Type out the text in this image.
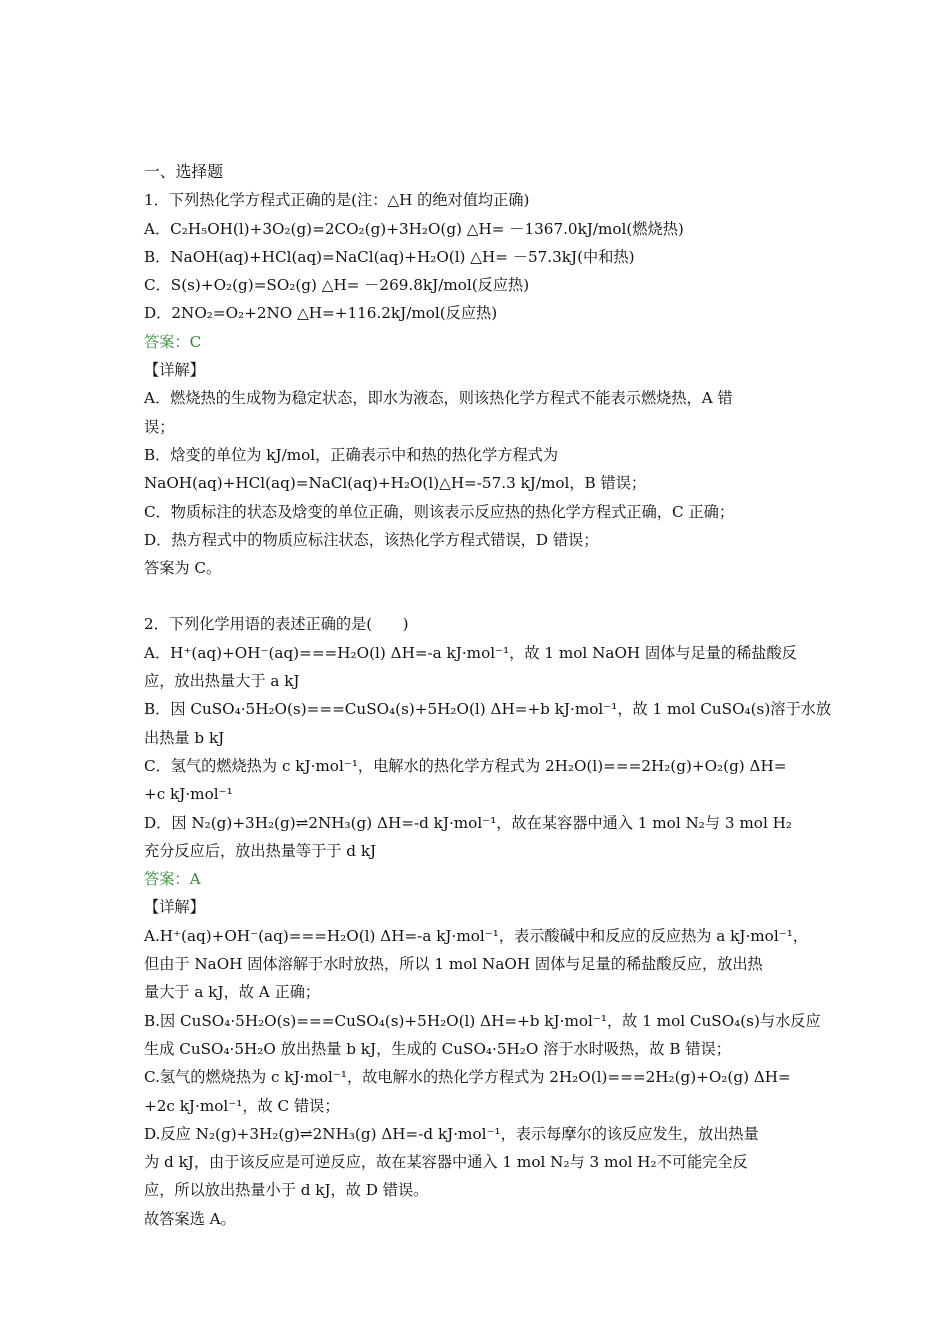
一、选择题
1．下列热化学方程式正确的是(注：△H 的绝对值均正确)
A．C₂H₅OH(l)+3O₂(g)=2CO₂(g)+3H₂O(g) △H= －1367.0kJ/mol(燃烧热)
B．NaOH(aq)+HCl(aq)=NaCl(aq)+H₂O(l) △H= －57.3kJ(中和热)
C．S(s)+O₂(g)=SO₂(g) △H= －269.8kJ/mol(反应热)
D．2NO₂=O₂+2NO △H=+116.2kJ/mol(反应热)
答案：C
【详解】
A．燃烧热的生成物为稳定状态，即水为液态，则该热化学方程式不能表示燃烧热，A 错
误；
B．焓变的单位为 kJ/mol，正确表示中和热的热化学方程式为
NaOH(aq)+HCl(aq)=NaCl(aq)+H₂O(l)△H=-57.3 kJ/mol，B 错误；
C．物质标注的状态及焓变的单位正确，则该表示反应热的热化学方程式正确，C 正确；
D．热方程式中的物质应标注状态，该热化学方程式错误，D 错误；
答案为 C。
2．下列化学用语的表述正确的是(　　)
A．H⁺(aq)+OH⁻(aq)===H₂O(l) ΔH=-a kJ·mol⁻¹，故 1 mol NaOH 固体与足量的稀盐酸反
应，放出热量大于 a kJ
B．因 CuSO₄·5H₂O(s)===CuSO₄(s)+5H₂O(l) ΔH=+b kJ·mol⁻¹，故 1 mol CuSO₄(s)溶于水放
出热量 b kJ
C．氢气的燃烧热为 c kJ·mol⁻¹，电解水的热化学方程式为 2H₂O(l)===2H₂(g)+O₂(g) ΔH=
+c kJ·mol⁻¹
D．因 N₂(g)+3H₂(g)⇌2NH₃(g) ΔH=-d kJ·mol⁻¹，故在某容器中通入 1 mol N₂与 3 mol H₂
充分反应后，放出热量等于于 d kJ
答案：A
【详解】
A.H⁺(aq)+OH⁻(aq)===H₂O(l) ΔH=-a kJ·mol⁻¹，表示酸碱中和反应的反应热为 a kJ·mol⁻¹，
但由于 NaOH 固体溶解于水时放热，所以 1 mol NaOH 固体与足量的稀盐酸反应，放出热
量大于 a kJ，故 A 正确；
B.因 CuSO₄·5H₂O(s)===CuSO₄(s)+5H₂O(l) ΔH=+b kJ·mol⁻¹，故 1 mol CuSO₄(s)与水反应
生成 CuSO₄·5H₂O 放出热量 b kJ，生成的 CuSO₄·5H₂O 溶于水时吸热，故 B 错误；
C.氢气的燃烧热为 c kJ·mol⁻¹，故电解水的热化学方程式为 2H₂O(l)===2H₂(g)+O₂(g) ΔH=
+2c kJ·mol⁻¹，故 C 错误；
D.反应 N₂(g)+3H₂(g)⇌2NH₃(g) ΔH=-d kJ·mol⁻¹，表示每摩尔的该反应发生，放出热量
为 d kJ，由于该反应是可逆反应，故在某容器中通入 1 mol N₂与 3 mol H₂不可能完全反
应，所以放出热量小于 d kJ，故 D 错误。
故答案选 A。
